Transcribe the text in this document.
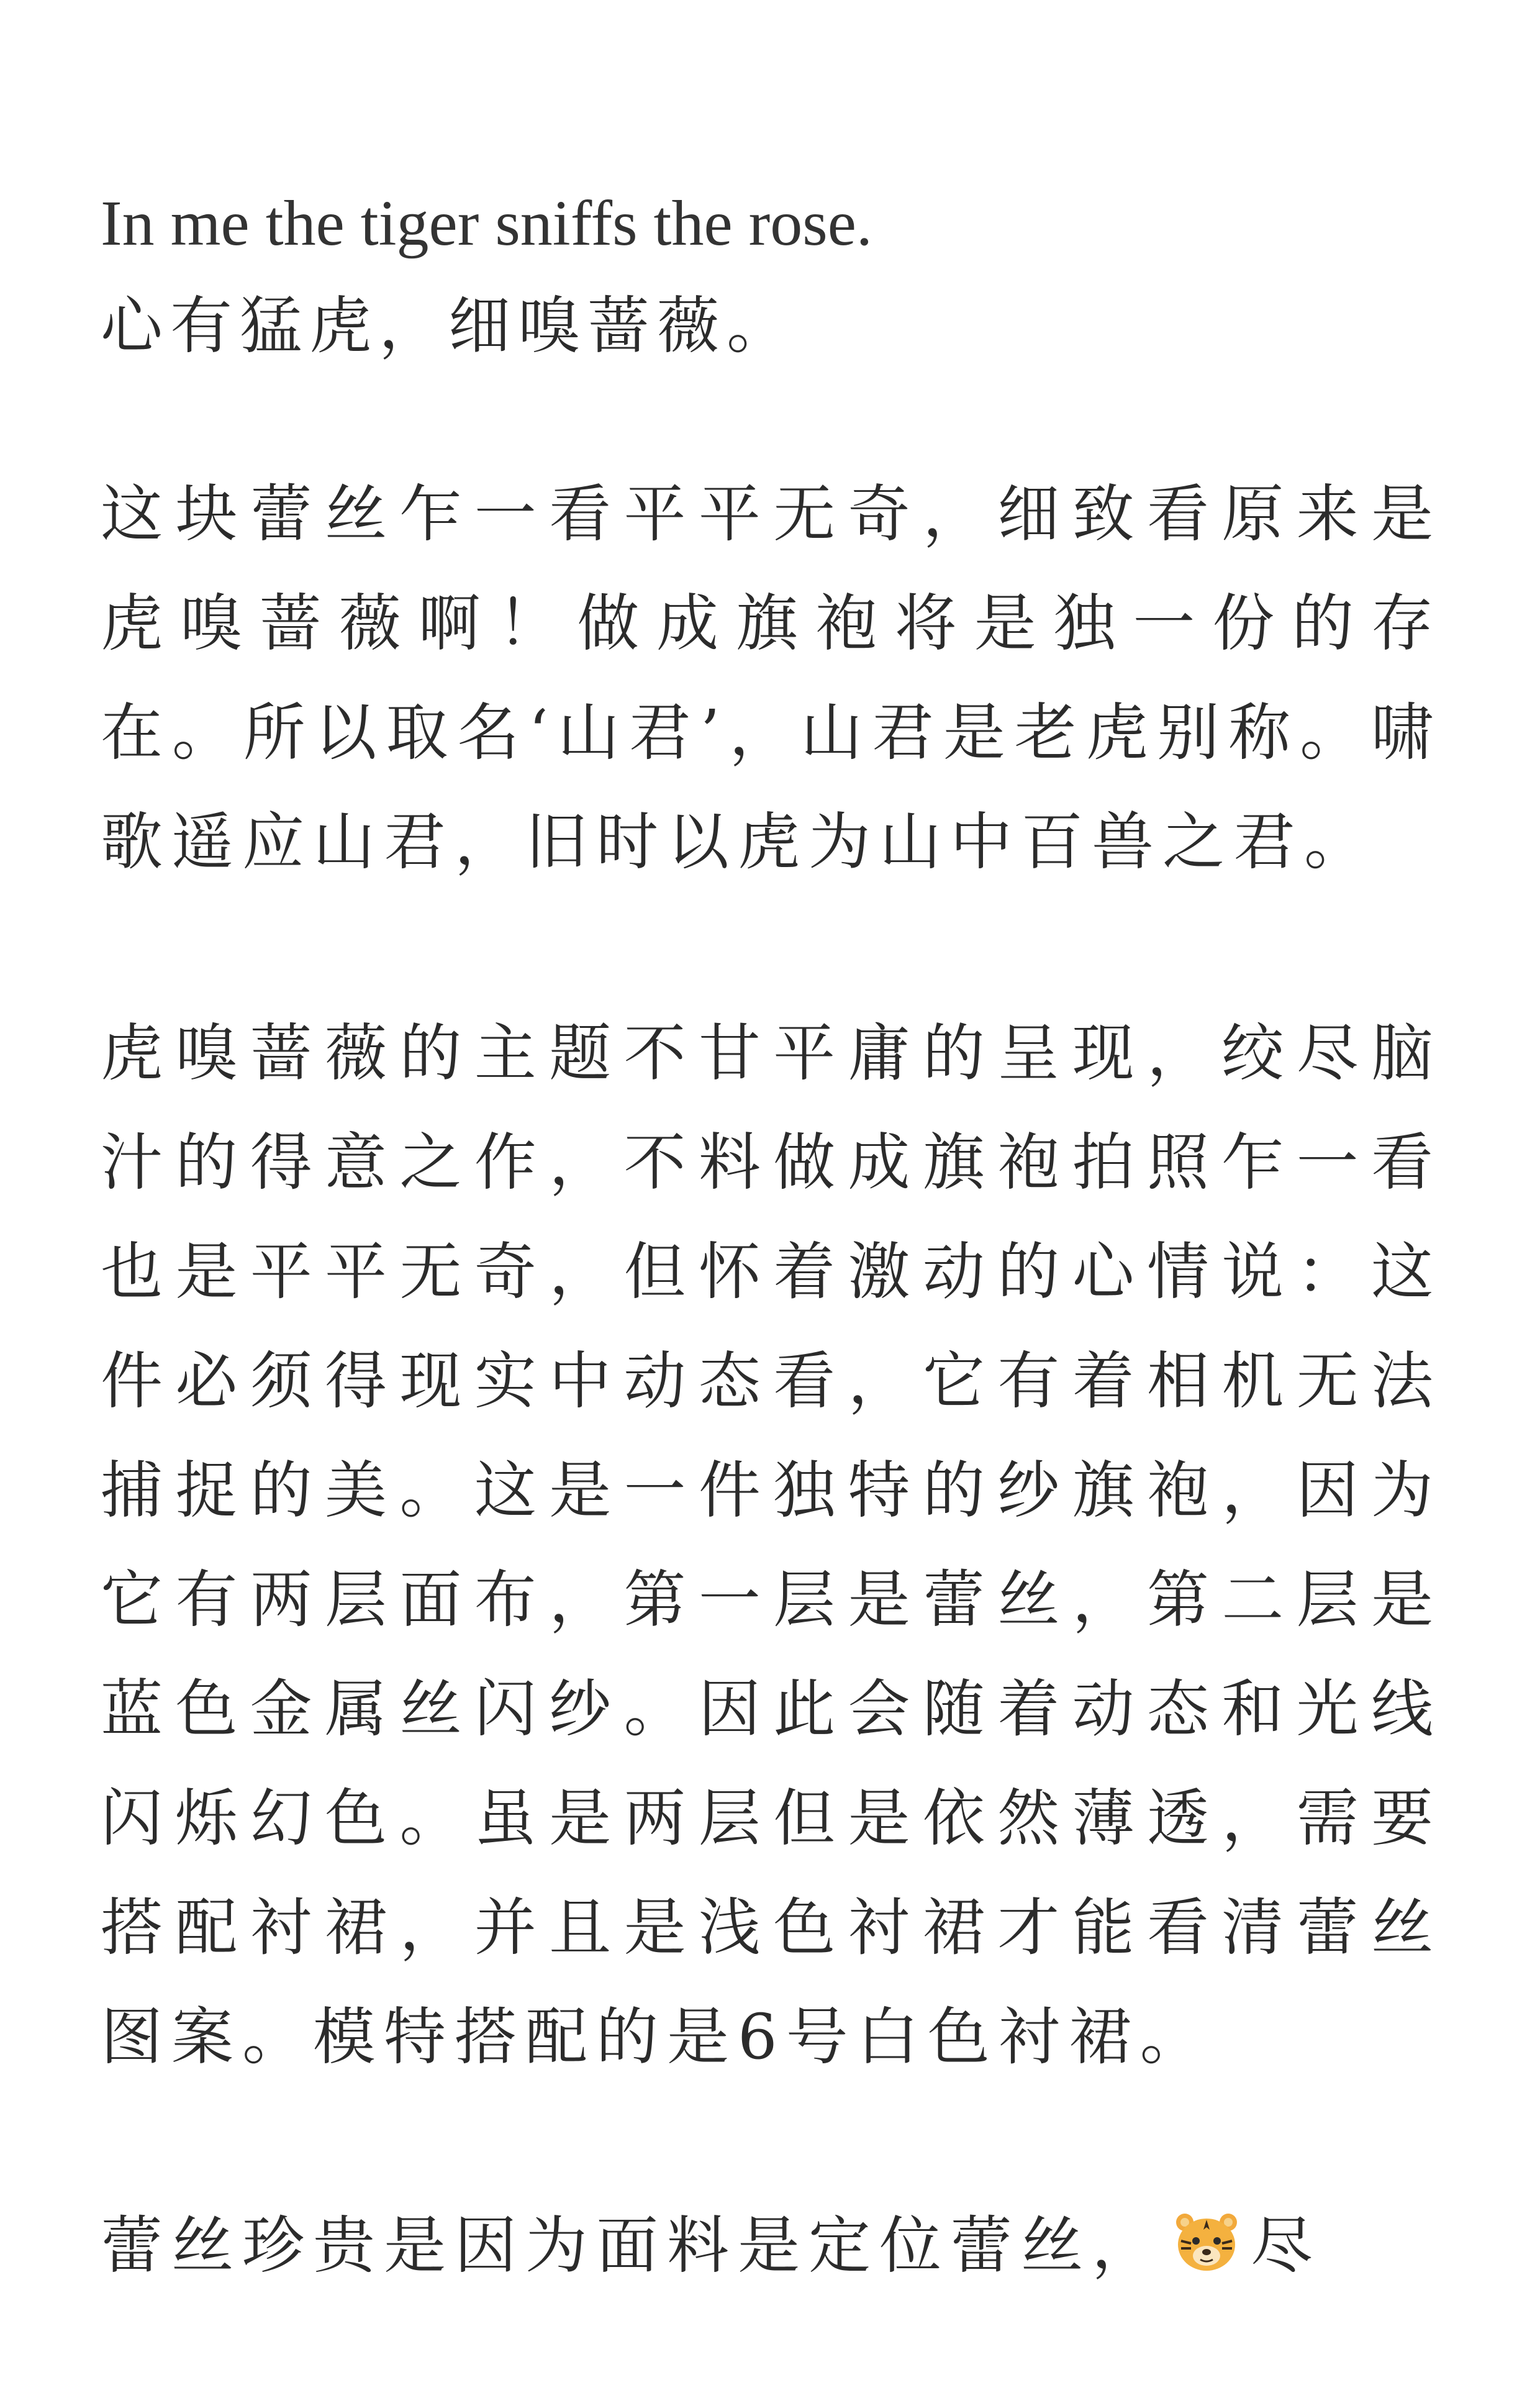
In me the tiger sniffs the rose.

心有猛虎，细嗅蔷薇。

这块蕾丝乍一看平平无奇，细致看原来是虎嗅蔷薇啊！做成旗袍将是独一份的存在。所以取名‘山君’，山君是老虎别称。啸歌遥应山君，旧时以虎为山中百兽之君。

虎嗅蔷薇的主题不甘平庸的呈现，绞尽脑汁的得意之作，不料做成旗袍拍照乍一看也是平平无奇，但怀着激动的心情说：这件必须得现实中动态看，它有着相机无法捕捉的美。这是一件独特的纱旗袍，因为它有两层面布，第一层是蕾丝，第二层是蓝色金属丝闪纱。因此会随着动态和光线闪烁幻色。虽是两层但是依然薄透，需要搭配衬裙，并且是浅色衬裙才能看清蕾丝图案。模特搭配的是6号白色衬裙。

蕾丝珍贵是因为面料是定位蕾丝， 尽
